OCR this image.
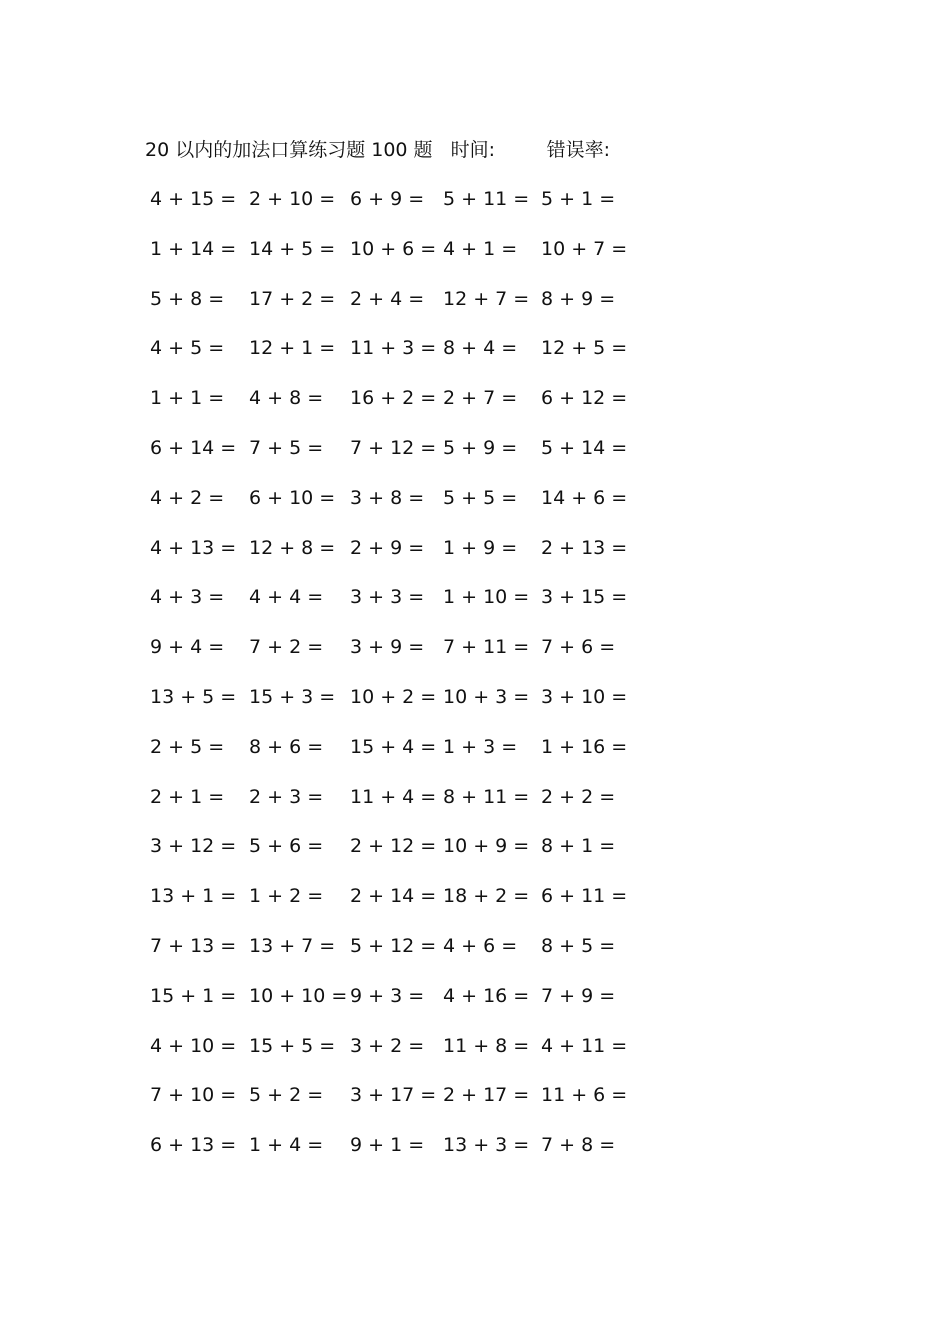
20 以内的加法口算练习题 100 题 时间:	错误率:
4 + 15 = 2 + 10 = 6 + 9 = 5 + 11 = 5 + 1 =
1 + 14 = 14 + 5 = 10 + 6 = 4 + 1 = 10 + 7 =
5 + 8 = 17 + 2 = 2 + 4 = 12 + 7 = 8 + 9 =
4 + 5 = 12 + 1 = 11 + 3 = 8 + 4 = 12 + 5 =
1 + 1 = 4 + 8 = 16 + 2 = 2 + 7 = 6 + 12 =
6 + 14 = 7 + 5 = 7 + 12 = 5 + 9 = 5 + 14 =
4 + 2 = 6 + 10 = 3 + 8 = 5 + 5 = 14 + 6 =
4 + 13 = 12 + 8 = 2 + 9 = 1 + 9 = 2 + 13 =
4 + 3 = 4 + 4 = 3 + 3 = 1 + 10 = 3 + 15 =
9 + 4 = 7 + 2 = 3 + 9 = 7 + 11 = 7 + 6 =
13 + 5 = 15 + 3 = 10 + 2 = 10 + 3 = 3 + 10 =
2 + 5 = 8 + 6 = 15 + 4 = 1 + 3 = 1 + 16 =
2 + 1 = 2 + 3 = 11 + 4 = 8 + 11 = 2 + 2 =
3 + 12 = 5 + 6 = 2 + 12 = 10 + 9 = 8 + 1 =
13 + 1 = 1 + 2 = 2 + 14 = 18 + 2 = 6 + 11 =
7 + 13 = 13 + 7 = 5 + 12 = 4 + 6 = 8 + 5 =
15 + 1 = 10 + 10 = 9 + 3 = 4 + 16 = 7 + 9 =
4 + 10 = 15 + 5 = 3 + 2 = 11 + 8 = 4 + 11 =
7 + 10 = 5 + 2 = 3 + 17 = 2 + 17 = 11 + 6 =
6 + 13 = 1 + 4 = 9 + 1 = 13 + 3 = 7 + 8 =
